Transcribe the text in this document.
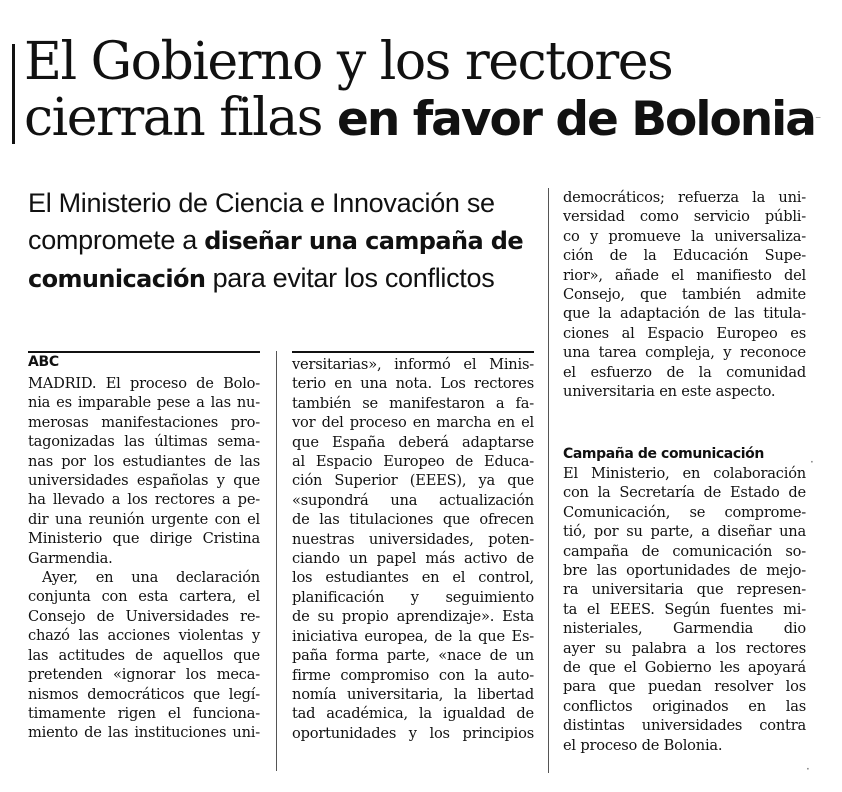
El Gobierno y los rectores
cierran filas en favor de Bolonia

El Ministerio de Ciencia e Innovación se
compromete a diseñar una campaña de
comunicación para evitar los conflictos

ABC
MADRID. El proceso de Bolo-
nia es imparable pese a las nu-
merosas manifestaciones pro-
tagonizadas las últimas sema-
nas por los estudiantes de las
universidades españolas y que
ha llevado a los rectores a pe-
dir una reunión urgente con el
Ministerio que dirige Cristina
Garmendia.
Ayer, en una declaración
conjunta con esta cartera, el
Consejo de Universidades re-
chazó las acciones violentas y
las actitudes de aquellos que
pretenden «ignorar los meca-
nismos democráticos que legí-
timamente rigen el funciona-
miento de las instituciones uni-
versitarias», informó el Minis-
terio en una nota. Los rectores
también se manifestaron a fa-
vor del proceso en marcha en el
que España deberá adaptarse
al Espacio Europeo de Educa-
ción Superior (EEES), ya que
«supondrá una actualización
de las titulaciones que ofrecen
nuestras universidades, poten-
ciando un papel más activo de
los estudiantes en el control,
planificación y seguimiento
de su propio aprendizaje». Esta
iniciativa europea, de la que Es-
paña forma parte, «nace de un
firme compromiso con la auto-
nomía universitaria, la libertad
tad académica, la igualdad de
oportunidades y los principios
democráticos; refuerza la uni-
versidad como servicio públi-
co y promueve la universaliza-
ción de la Educación Supe-
rior», añade el manifiesto del
Consejo, que también admite
que la adaptación de las titula-
ciones al Espacio Europeo es
una tarea compleja, y reconoce
el esfuerzo de la comunidad
universitaria en este aspecto.
Campaña de comunicación
El Ministerio, en colaboración
con la Secretaría de Estado de
Comunicación, se comprome-
tió, por su parte, a diseñar una
campaña de comunicación so-
bre las oportunidades de mejo-
ra universitaria que represen-
ta el EEES. Según fuentes mi-
nisteriales, Garmendia dio
ayer su palabra a los rectores
de que el Gobierno les apoyará
para que puedan resolver los
conflictos originados en las
distintas universidades contra
el proceso de Bolonia.
⁻
·
·
